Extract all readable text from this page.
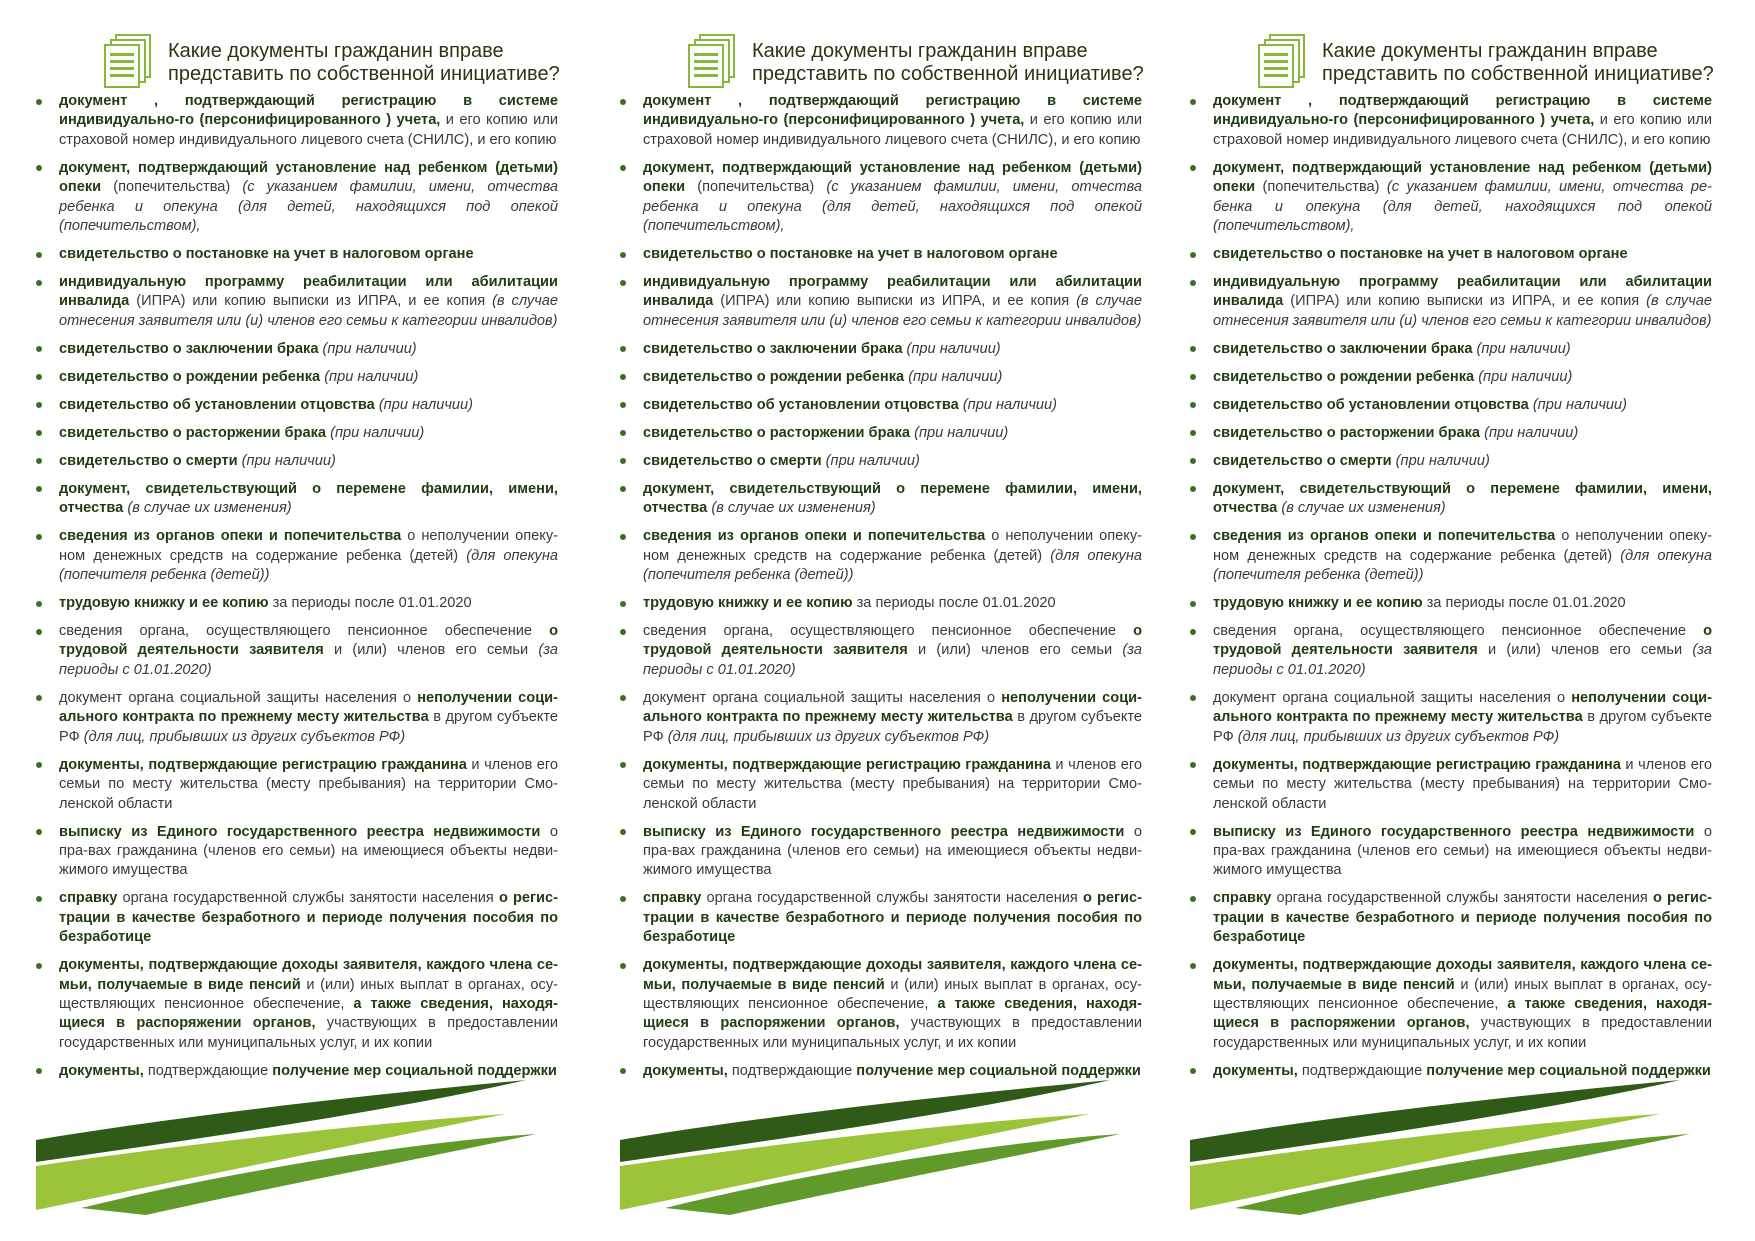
Какие документы гражданин вправе
представить по собственной инициативе?
документ , подтверждающий регистрацию в системе индивидуально-го (персонифицированного ) учета, и его копию или страховой номер индивидуального лицевого счета (СНИЛС), и его копию
документ, подтверждающий установление над ребенком (детьми) опеки (попечительства) (с указанием фамилии, имени, отчества ребенка и опекуна (для детей, находящихся под опекой (попечительством),
свидетельство о постановке на учет в налоговом органе
индивидуальную программу реабилитации или абилитации инвалида (ИПРА) или копию выписки из ИПРА, и ее копия (в случае отнесения заявителя или (и) членов его семьи к категории инвалидов)
свидетельство о заключении брака (при наличии)
свидетельство о рождении ребенка (при наличии)
свидетельство об установлении отцовства (при наличии)
свидетельство о расторжении брака (при наличии)
свидетельство о смерти (при наличии)
документ, свидетельствующий о перемене фамилии, имени, отчества (в случае их изменения)
сведения из органов опеки и попечительства о неполучении опеку-ном денежных средств на содержание ребенка (детей) (для опекуна (попечителя ребенка (детей))
трудовую книжку и ее копию за периоды после 01.01.2020
сведения органа, осуществляющего пенсионное обеспечение о трудовой деятельности заявителя и (или) членов его семьи (за периоды с 01.01.2020)
документ органа социальной защиты населения о неполучении соци-ального контракта по прежнему месту жительства в другом субъекте РФ (для лиц, прибывших из других субъектов РФ)
документы, подтверждающие регистрацию гражданина и членов его семьи по месту жительства (месту пребывания) на территории Смо-ленской области
выписку из Единого государственного реестра недвижимости о пра-вах гражданина (членов его семьи) на имеющиеся объекты недви-жимого имущества
справку органа государственной службы занятости населения о регис-трации в качестве безработного и периоде получения пособия по безработице
документы, подтверждающие доходы заявителя, каждого члена се-мьи, получаемые в виде пенсий и (или) иных выплат в органах, осу-ществляющих пенсионное обеспечение, а также сведения, находя-щиеся в распоряжении органов, участвующих в предоставлении государственных или муниципальных услуг, и их копии
документы, подтверждающие получение мер социальной поддержки
Какие документы гражданин вправе
представить по собственной инициативе?
документ , подтверждающий регистрацию в системе индивидуально-го (персонифицированного ) учета, и его копию или страховой номер индивидуального лицевого счета (СНИЛС), и его копию
документ, подтверждающий установление над ребенком (детьми) опеки (попечительства) (с указанием фамилии, имени, отчества ребенка и опекуна (для детей, находящихся под опекой (попечительством),
свидетельство о постановке на учет в налоговом органе
индивидуальную программу реабилитации или абилитации инвалида (ИПРА) или копию выписки из ИПРА, и ее копия (в случае отнесения заявителя или (и) членов его семьи к категории инвалидов)
свидетельство о заключении брака (при наличии)
свидетельство о рождении ребенка (при наличии)
свидетельство об установлении отцовства (при наличии)
свидетельство о расторжении брака (при наличии)
свидетельство о смерти (при наличии)
документ, свидетельствующий о перемене фамилии, имени, отчества (в случае их изменения)
сведения из органов опеки и попечительства о неполучении опеку-ном денежных средств на содержание ребенка (детей) (для опекуна (попечителя ребенка (детей))
трудовую книжку и ее копию за периоды после 01.01.2020
сведения органа, осуществляющего пенсионное обеспечение о трудовой деятельности заявителя и (или) членов его семьи (за периоды с 01.01.2020)
документ органа социальной защиты населения о неполучении соци-ального контракта по прежнему месту жительства в другом субъекте РФ (для лиц, прибывших из других субъектов РФ)
документы, подтверждающие регистрацию гражданина и членов его семьи по месту жительства (месту пребывания) на территории Смо-ленской области
выписку из Единого государственного реестра недвижимости о пра-вах гражданина (членов его семьи) на имеющиеся объекты недви-жимого имущества
справку органа государственной службы занятости населения о регис-трации в качестве безработного и периоде получения пособия по безработице
документы, подтверждающие доходы заявителя, каждого члена се-мьи, получаемые в виде пенсий и (или) иных выплат в органах, осу-ществляющих пенсионное обеспечение, а также сведения, находя-щиеся в распоряжении органов, участвующих в предоставлении государственных или муниципальных услуг, и их копии
документы, подтверждающие получение мер социальной поддержки
Какие документы гражданин вправе
представить по собственной инициативе?
документ , подтверждающий регистрацию в системе индивидуально-го (персонифицированного ) учета, и его копию или страховой номер индивидуального лицевого счета (СНИЛС), и его копию
документ, подтверждающий установление над ребенком (детьми) опеки (попечительства) (с указанием фамилии, имени, отчества ре-бенка и опекуна (для детей, находящихся под опекой (попечительством),
свидетельство о постановке на учет в налоговом органе
индивидуальную программу реабилитации или абилитации инвалида (ИПРА) или копию выписки из ИПРА, и ее копия (в случае отнесения заявителя или (и) членов его семьи к категории инвалидов)
свидетельство о заключении брака (при наличии)
свидетельство о рождении ребенка (при наличии)
свидетельство об установлении отцовства (при наличии)
свидетельство о расторжении брака (при наличии)
свидетельство о смерти (при наличии)
документ, свидетельствующий о перемене фамилии, имени, отчества (в случае их изменения)
сведения из органов опеки и попечительства о неполучении опеку-ном денежных средств на содержание ребенка (детей) (для опекуна (попечителя ребенка (детей))
трудовую книжку и ее копию за периоды после 01.01.2020
сведения органа, осуществляющего пенсионное обеспечение о трудовой деятельности заявителя и (или) членов его семьи (за периоды с 01.01.2020)
документ органа социальной защиты населения о неполучении соци-ального контракта по прежнему месту жительства в другом субъекте РФ (для лиц, прибывших из других субъектов РФ)
документы, подтверждающие регистрацию гражданина и членов его семьи по месту жительства (месту пребывания) на территории Смо-ленской области
выписку из Единого государственного реестра недвижимости о пра-вах гражданина (членов его семьи) на имеющиеся объекты недви-жимого имущества
справку органа государственной службы занятости населения о регис-трации в качестве безработного и периоде получения пособия по безработице
документы, подтверждающие доходы заявителя, каждого члена се-мьи, получаемые в виде пенсий и (или) иных выплат в органах, осу-ществляющих пенсионное обеспечение, а также сведения, находя-щиеся в распоряжении органов, участвующих в предоставлении государственных или муниципальных услуг, и их копии
документы, подтверждающие получение мер социальной поддержки
